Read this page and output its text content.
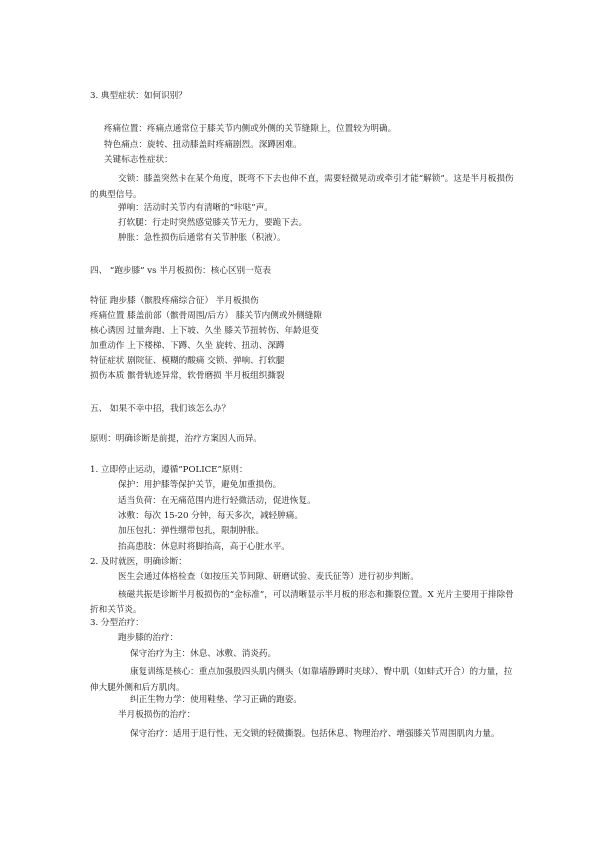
3. 典型症状：如何识别？
疼痛位置：疼痛点通常位于膝关节内侧或外侧的关节缝隙上，位置较为明确。
特色痛点：旋转、扭动膝盖时疼痛剧烈。深蹲困难。
关键标志性症状：
交锁：膝盖突然卡在某个角度，既弯不下去也伸不直，需要轻微晃动或牵引才能“解锁”。这是半月板损伤的典型信号。
弹响：活动时关节内有清晰的“咔哒”声。
打软腿：行走时突然感觉膝关节无力，要跪下去。
肿胀：急性损伤后通常有关节肿胀（积液）。
四、 “跑步膝” vs 半月板损伤：核心区别一览表
特征 跑步膝（髌股疼痛综合征） 半月板损伤
疼痛位置 膝盖前部（髌骨周围/后方） 膝关节内侧或外侧缝隙
核心诱因 过量奔跑、上下坡、久坐 膝关节扭转伤、年龄退变
加重动作 上下楼梯、下蹲、久坐 旋转、扭动、深蹲
特征症状 剧院征、模糊的酸痛 交锁、弹响、打软腿
损伤本质 髌骨轨迹异常，软骨磨损 半月板组织撕裂
五、 如果不幸中招，我们该怎么办？
原则：明确诊断是前提，治疗方案因人而异。
1. 立即停止运动，遵循“POLICE”原则：
保护：用护膝等保护关节，避免加重损伤。
适当负荷：在无痛范围内进行轻微活动，促进恢复。
冰敷：每次 15-20 分钟，每天多次，减轻肿痛。
加压包扎：弹性绷带包扎，限制肿胀。
抬高患肢：休息时将脚抬高，高于心脏水平。
2. 及时就医，明确诊断：
医生会通过体格检查（如按压关节间隙、研磨试验、麦氏征等）进行初步判断。
核磁共振是诊断半月板损伤的“金标准”，可以清晰显示半月板的形态和撕裂位置。X 光片主要用于排除骨折和关节炎。
3. 分型治疗：
跑步膝的治疗：
保守治疗为主：休息、冰敷、消炎药。
康复训练是核心：重点加强股四头肌内侧头（如靠墙静蹲时夹球）、臀中肌（如蚌式开合）的力量，拉伸大腿外侧和后方肌肉。
纠正生物力学：使用鞋垫、学习正确的跑姿。
半月板损伤的治疗：
保守治疗：适用于退行性、无交锁的轻微撕裂。包括休息、物理治疗、增强膝关节周围肌肉力量。
